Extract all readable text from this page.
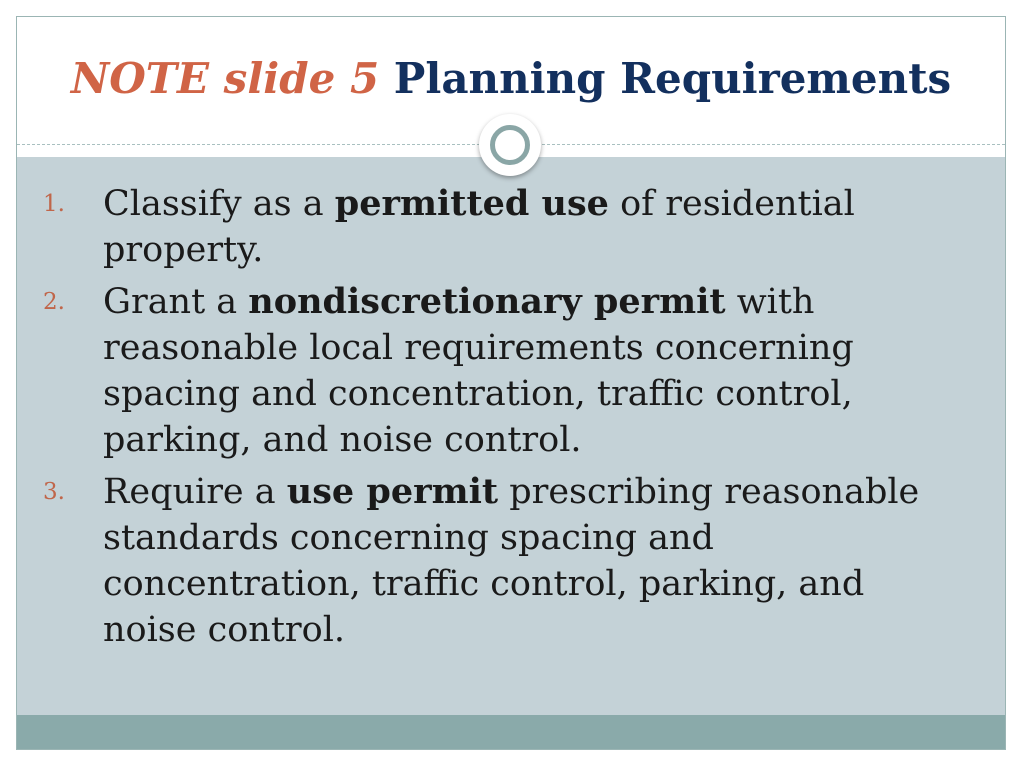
NOTE slide 5 Planning Requirements
1. Classify as a permitted use of residential property.
2. Grant a nondiscretionary permit with reasonable local requirements concerning spacing and concentration, traffic control, parking, and noise control.
3. Require a use permit prescribing reasonable standards concerning spacing and concentration, traffic control, parking, and noise control.
